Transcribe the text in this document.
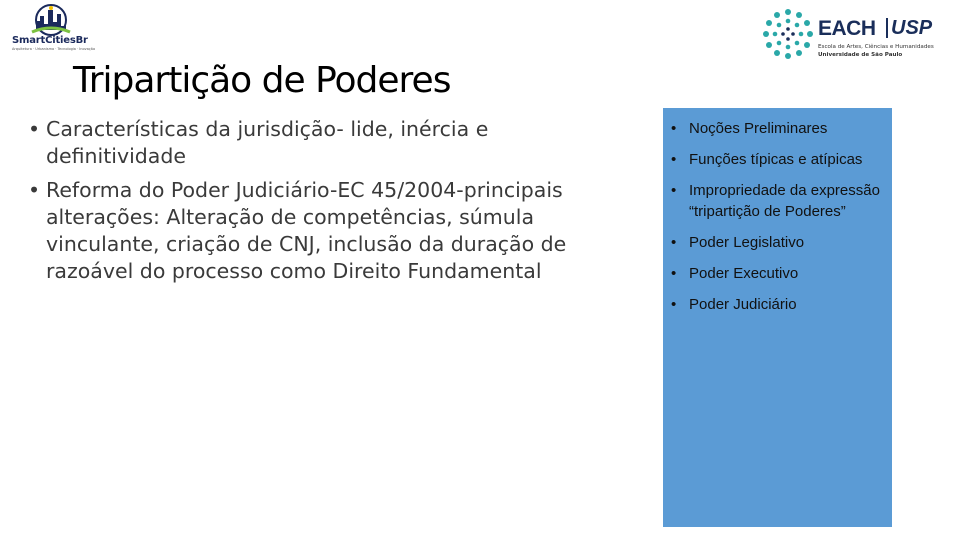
SmartCitiesBr
Arquitetura · Urbanismo · Tecnologia · Inovação
EACH USP
Escola de Artes, Ciências e Humanidades
Universidade de São Paulo
Tripartição de Poderes
• Características da jurisdição- lide, inércia e definitividade
• Reforma do Poder Judiciário-EC 45/2004-principais alterações: Alteração de competências, súmula vinculante, criação de CNJ, inclusão da duração de razoável do processo como Direito Fundamental
• Noções Preliminares
• Funções típicas e atípicas
• Impropriedade da expressão “tripartição de Poderes”
• Poder Legislativo
• Poder Executivo
• Poder Judiciário
